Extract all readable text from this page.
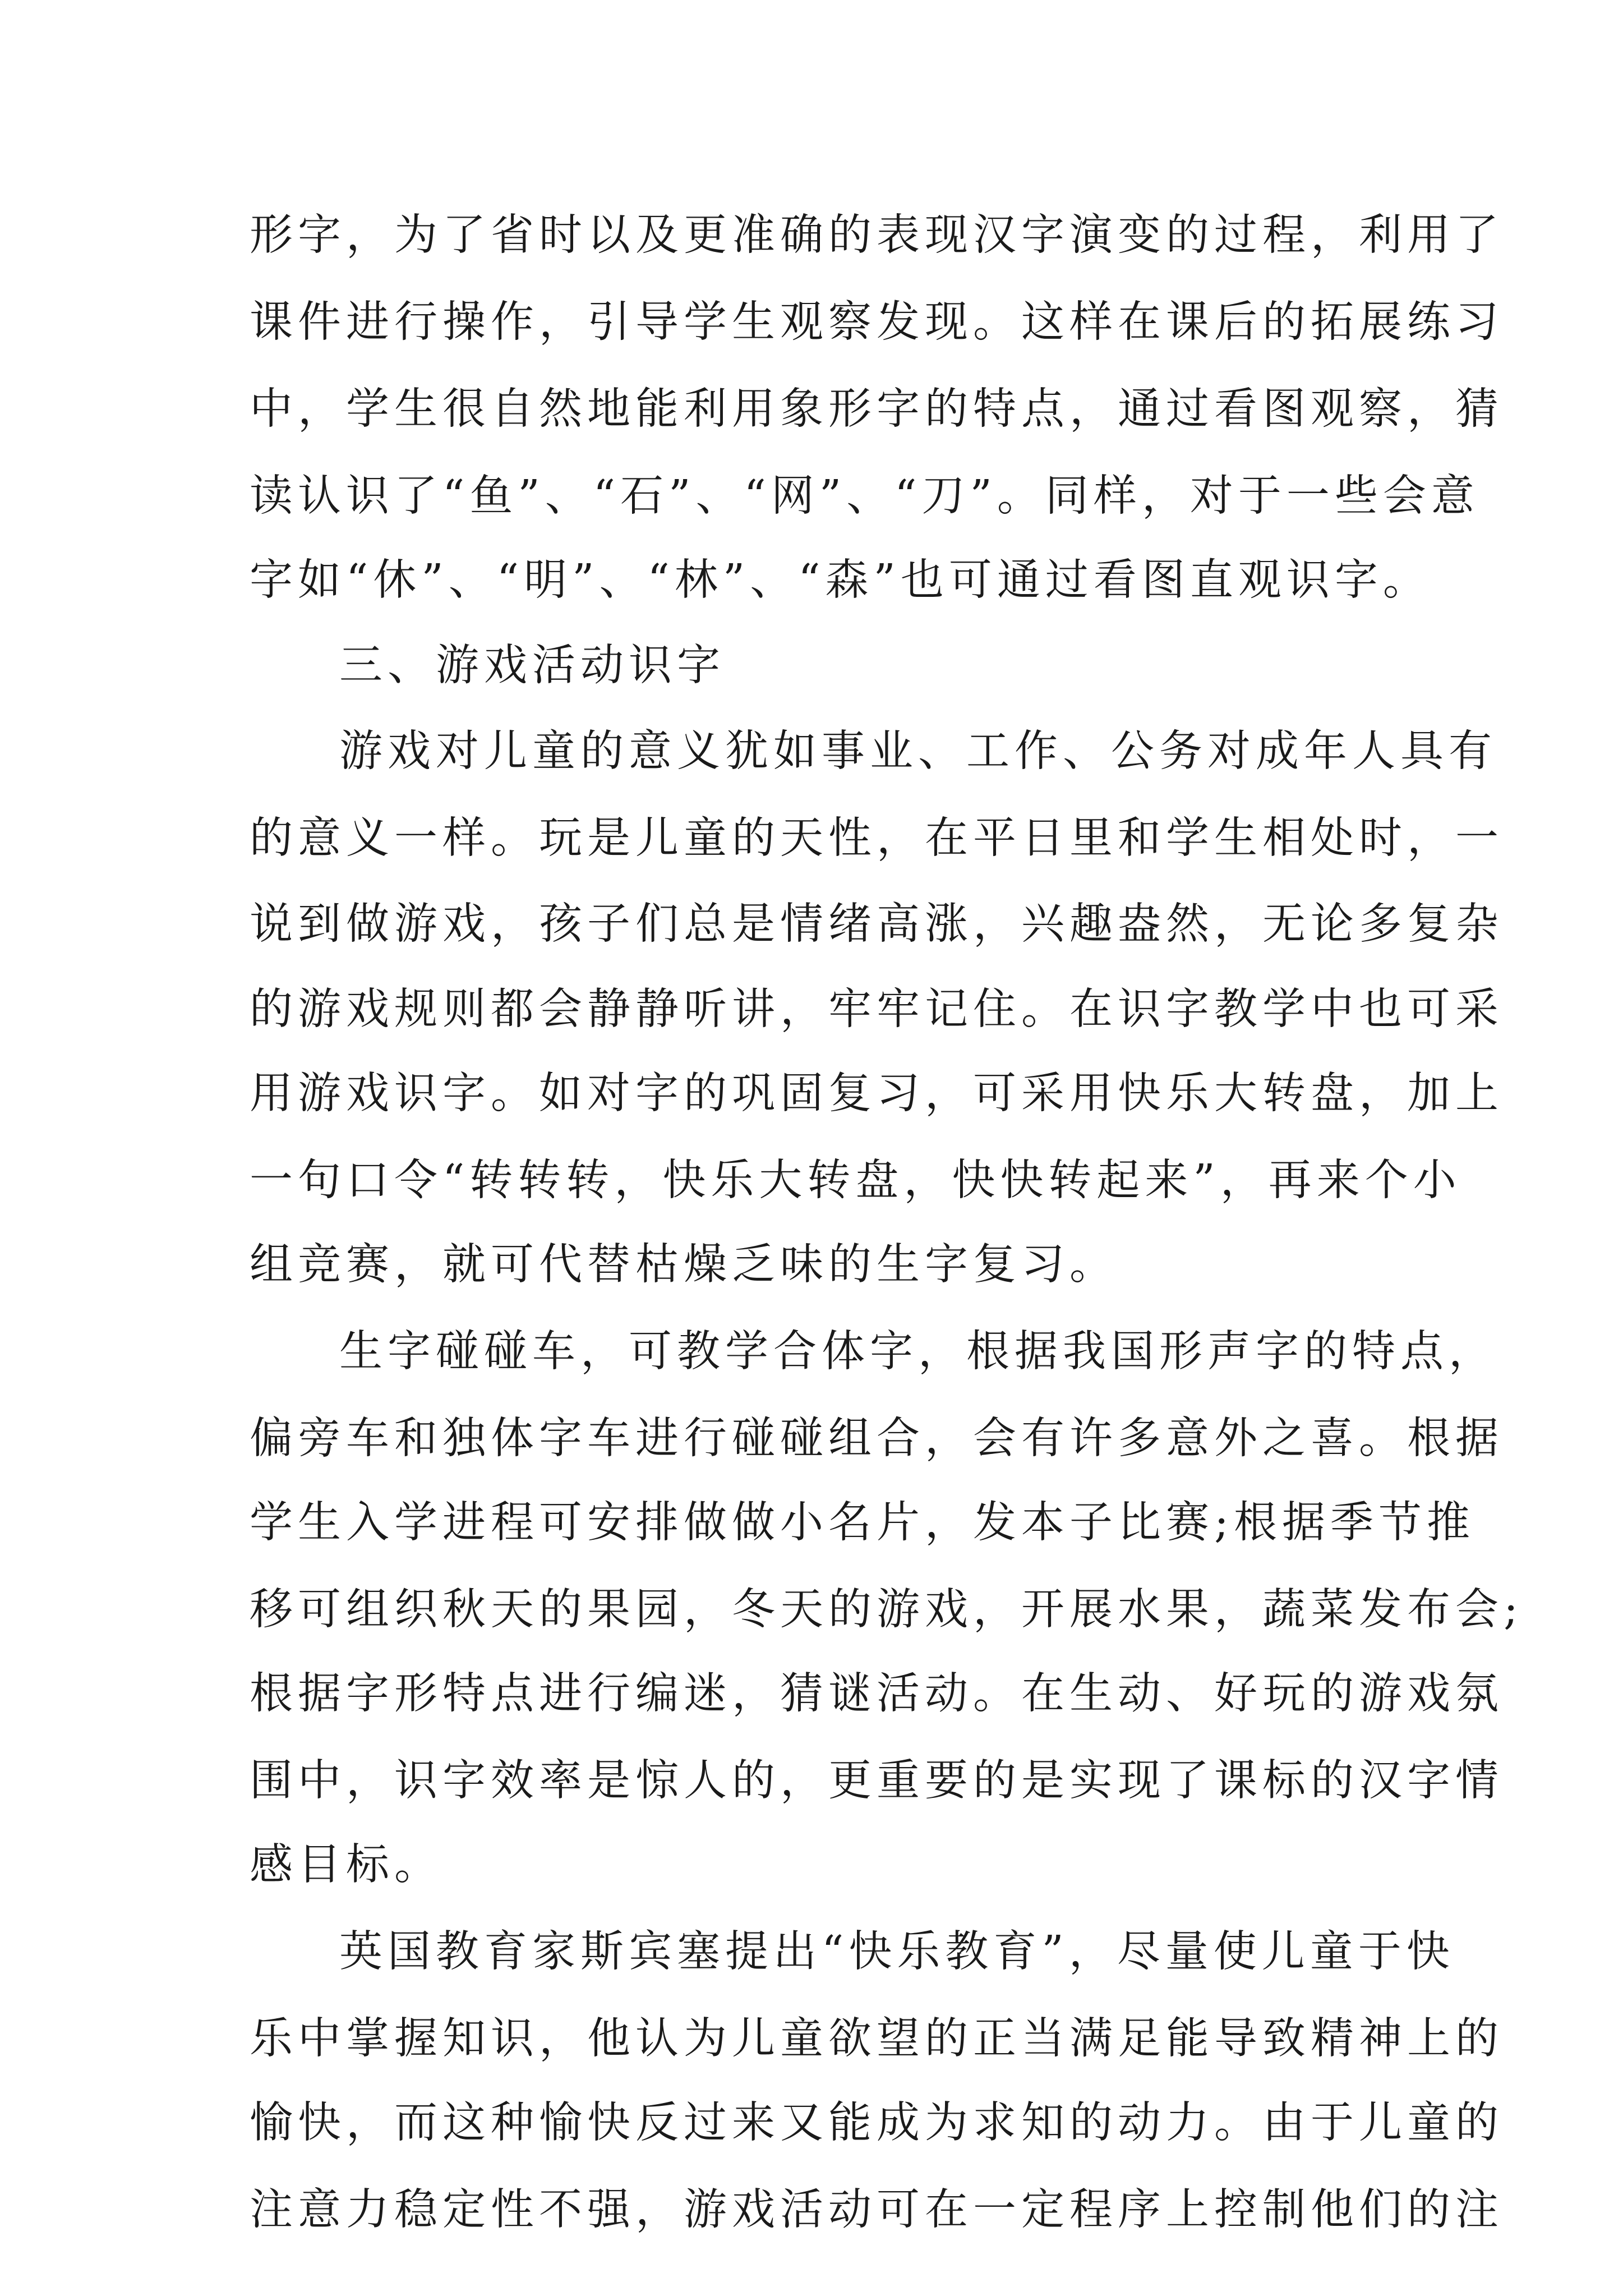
形字，为了省时以及更准确的表现汉字演变的过程，利用了
课件进行操作，引导学生观察发现。这样在课后的拓展练习
中，学生很自然地能利用象形字的特点，通过看图观察，猜
读认识了“鱼”、“石”、“网”、“刀”。同样，对于一些会意
字如“休”、“明”、“林”、“森”也可通过看图直观识字。
三、游戏活动识字
游戏对儿童的意义犹如事业、工作、公务对成年人具有
的意义一样。玩是儿童的天性，在平日里和学生相处时，一
说到做游戏，孩子们总是情绪高涨，兴趣盎然，无论多复杂
的游戏规则都会静静听讲，牢牢记住。在识字教学中也可采
用游戏识字。如对字的巩固复习，可采用快乐大转盘，加上
一句口令“转转转，快乐大转盘，快快转起来”，再来个小
组竞赛，就可代替枯燥乏味的生字复习。
生字碰碰车，可教学合体字，根据我国形声字的特点，
偏旁车和独体字车进行碰碰组合，会有许多意外之喜。根据
学生入学进程可安排做做小名片，发本子比赛;根据季节推
移可组织秋天的果园，冬天的游戏，开展水果，蔬菜发布会;
根据字形特点进行编迷，猜谜活动。在生动、好玩的游戏氛
围中，识字效率是惊人的，更重要的是实现了课标的汉字情
感目标。
英国教育家斯宾塞提出“快乐教育”，尽量使儿童于快
乐中掌握知识，他认为儿童欲望的正当满足能导致精神上的
愉快，而这种愉快反过来又能成为求知的动力。由于儿童的
注意力稳定性不强，游戏活动可在一定程序上控制他们的注
